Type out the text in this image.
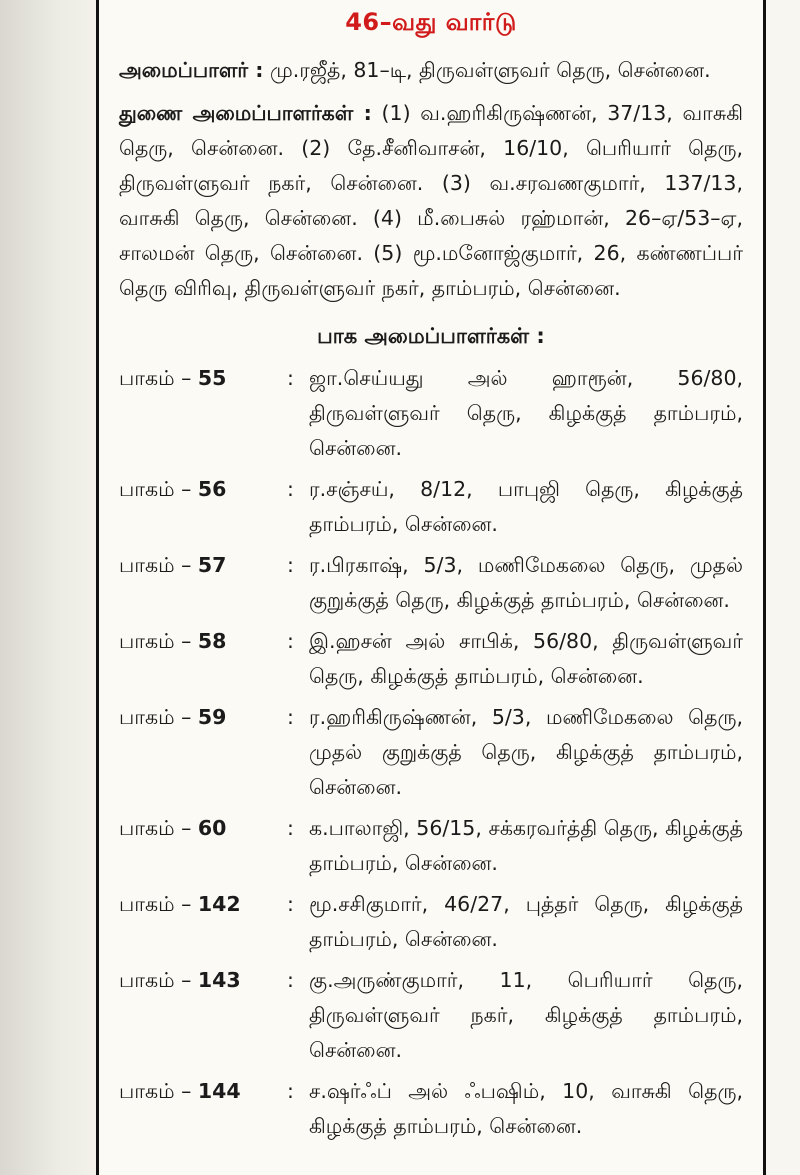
46–வது வார்டு

அமைப்பாளர் : மு.ரஜீத், 81–டி, திருவள்ளுவர் தெரு, சென்னை.

துணை அமைப்பாளர்கள் : (1) வ.ஹரிகிருஷ்ணன், 37/13, வாசுகி தெரு, சென்னை. (2) தே.சீனிவாசன், 16/10, பெரியார் தெரு, திருவள்ளுவர் நகர், சென்னை. (3) வ.சரவணகுமார், 137/13, வாசுகி தெரு, சென்னை. (4) மீ.பைசுல் ரஹ்மான், 26–ஏ/53–ஏ, சாலமன் தெரு, சென்னை. (5) மூ.மனோஜ்குமார், 26, கண்ணப்பர் தெரு விரிவு, திருவள்ளுவர் நகர், தாம்பரம், சென்னை.

பாக அமைப்பாளர்கள் :
பாகம் – 55	: ஜா.செய்யது அல் ஹாரூன், 56/80, திருவள்ளுவர் தெரு, கிழக்குத் தாம்பரம், சென்னை.
பாகம் – 56	: ர.சஞ்சய், 8/12, பாபுஜி தெரு, கிழக்குத் தாம்பரம், சென்னை.
பாகம் – 57	: ர.பிரகாஷ், 5/3, மணிமேகலை தெரு, முதல் குறுக்குத் தெரு, கிழக்குத் தாம்பரம், சென்னை.
பாகம் – 58	: இ.ஹசன் அல் சாபிக், 56/80, திருவள்ளுவர் தெரு, கிழக்குத் தாம்பரம், சென்னை.
பாகம் – 59	: ர.ஹரிகிருஷ்ணன், 5/3, மணிமேகலை தெரு, முதல் குறுக்குத் தெரு, கிழக்குத் தாம்பரம், சென்னை.
பாகம் – 60	: க.பாலாஜி, 56/15, சக்கரவர்த்தி தெரு, கிழக்குத் தாம்பரம், சென்னை.
பாகம் – 142	: மூ.சசிகுமார், 46/27, புத்தர் தெரு, கிழக்குத் தாம்பரம், சென்னை.
பாகம் – 143	: கு.அருண்குமார், 11, பெரியார் தெரு, திருவள்ளுவர் நகர், கிழக்குத் தாம்பரம், சென்னை.
பாகம் – 144	: ச.ஷர்ஃப் அல் ஃபஷிம், 10, வாசுகி தெரு, கிழக்குத் தாம்பரம், சென்னை.
